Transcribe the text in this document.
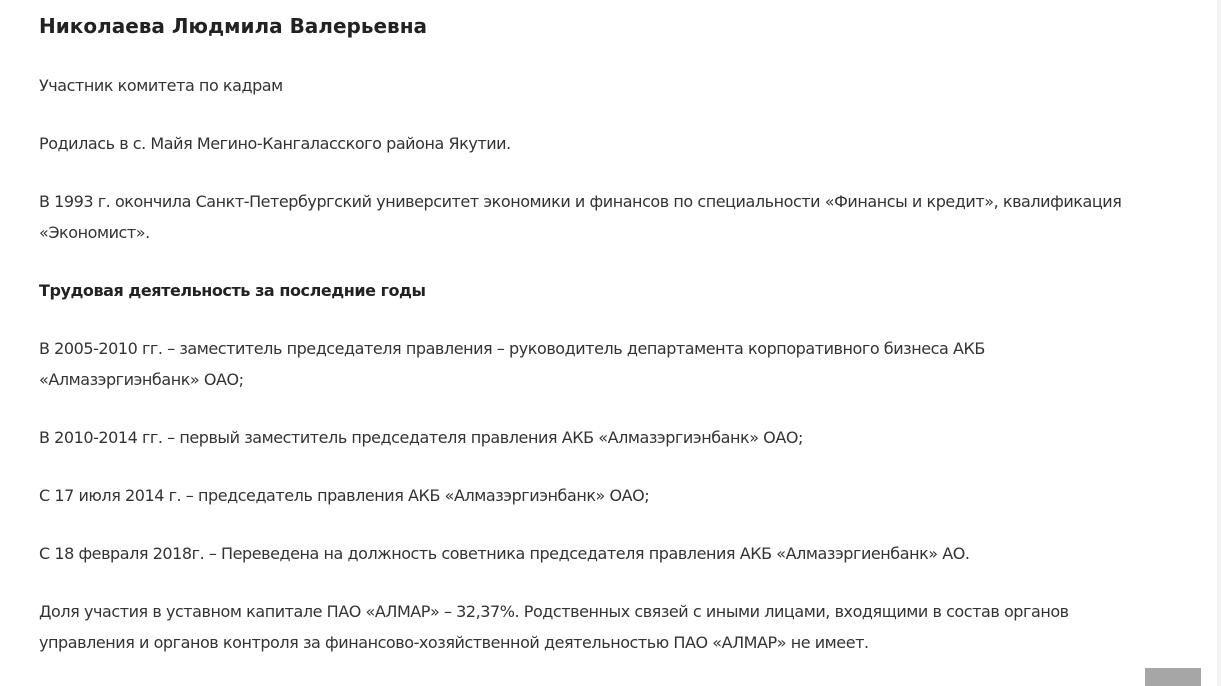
Николаева Людмила Валерьевна

Участник комитета по кадрам

Родилась в с. Майя Мегино-Кангаласского района Якутии.

В 1993 г. окончила Санкт-Петербургский университет экономики и финансов по специальности «Финансы и кредит», квалификация «Экономист».

Трудовая деятельность за последние годы

В 2005-2010 гг. – заместитель председателя правления – руководитель департамента корпоративного бизнеса АКБ «Алмазэргиэнбанк» ОАО;

В 2010-2014 гг. – первый заместитель председателя правления АКБ «Алмазэргиэнбанк» ОАО;

С 17 июля 2014 г. – председатель правления АКБ «Алмазэргиэнбанк» ОАО;

С 18 февраля 2018г. – Переведена на должность советника председателя правления АКБ «Алмазэргиенбанк» АО.

Доля участия в уставном капитале ПАО «АЛМАР» – 32,37%. Родственных связей с иными лицами, входящими в состав органов управления и органов контроля за финансово-хозяйственной деятельностью ПАО «АЛМАР» не имеет.
